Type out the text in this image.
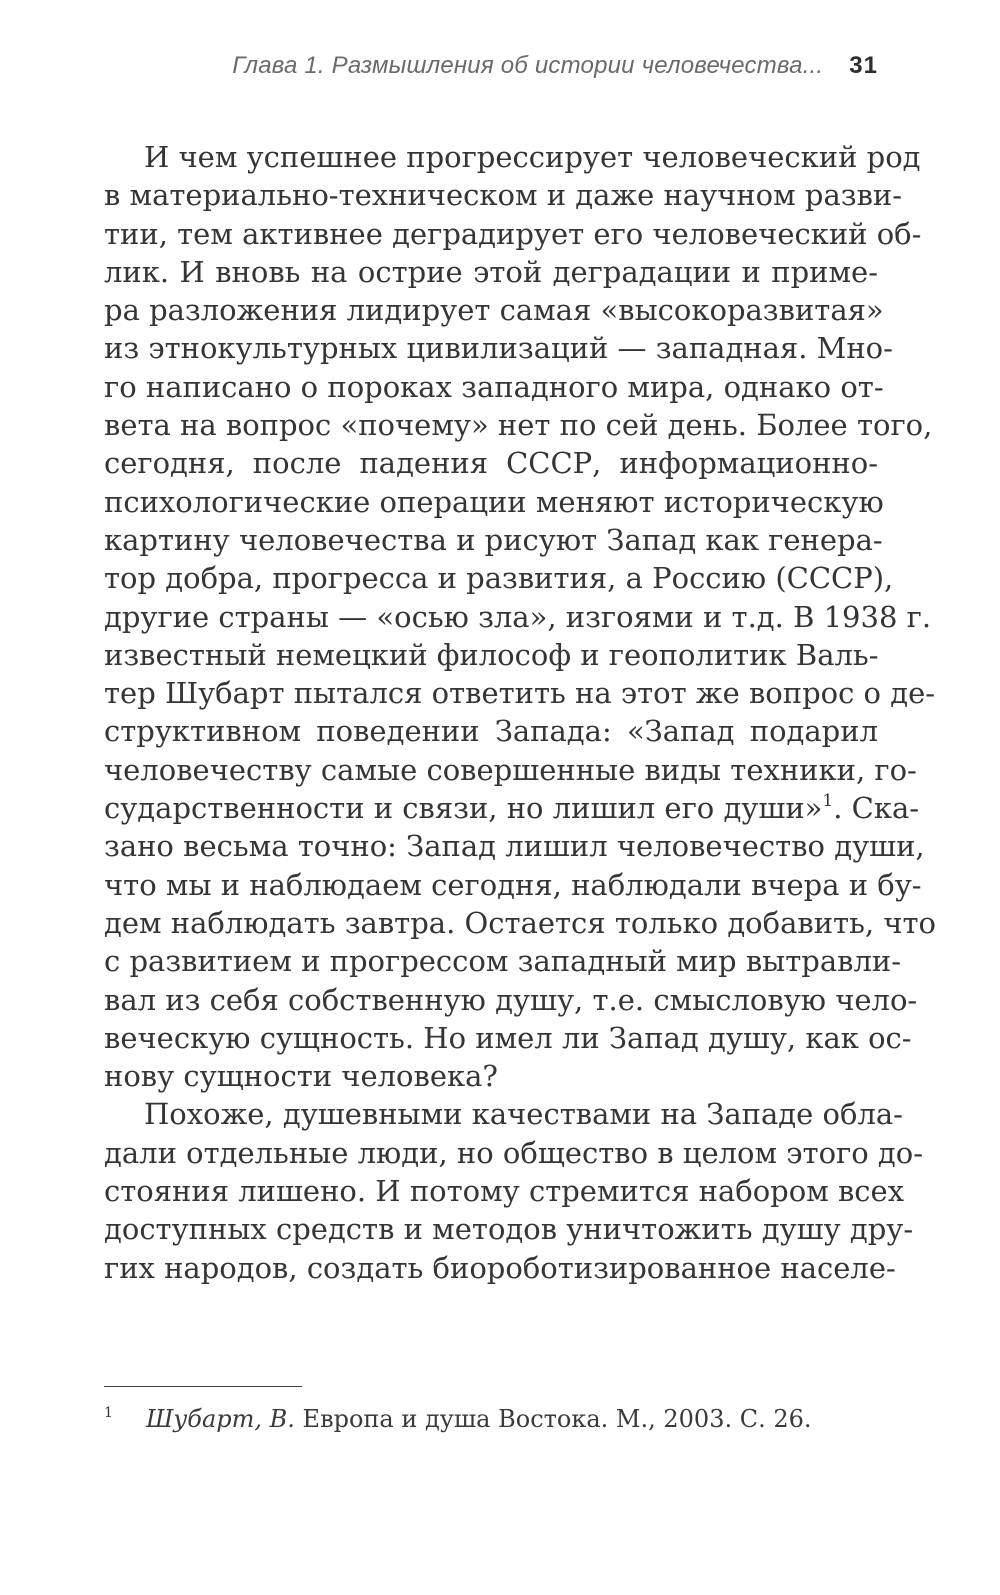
Глава 1. Размышления об истории человечества... 31
И чем успешнее прогрессирует человеческий род
в материально-техническом и даже научном разви-
тии, тем активнее деградирует его человеческий об-
лик. И вновь на острие этой деградации и приме-
ра разложения лидирует самая «высокоразвитая»
из этнокультурных цивилизаций — западная. Мно-
го написано о пороках западного мира, однако от-
вета на вопрос «почему» нет по сей день. Более того,
сегодня, после падения СССР, информационно-
психологические операции меняют историческую
картину человечества и рисуют Запад как генера-
тор добра, прогресса и развития, а Россию (СССР),
другие страны — «осью зла», изгоями и т.д. В 1938 г.
известный немецкий философ и геополитик Валь-
тер Шубарт пытался ответить на этот же вопрос о де-
структивном поведении Запада: «Запад подарил
человечеству самые совершенные виды техники, го-
сударственности и связи, но лишил его души»$^1$. Ска-
зано весьма точно: Запад лишил человечество души,
что мы и наблюдаем сегодня, наблюдали вчера и бу-
дем наблюдать завтра. Остается только добавить, что
с развитием и прогрессом западный мир вытравли-
вал из себя собственную душу, т.е. смысловую чело-
веческую сущность. Но имел ли Запад душу, как ос-
нову сущности человека?
Похоже, душевными качествами на Западе обла-
дали отдельные люди, но общество в целом этого до-
стояния лишено. И потому стремится набором всех
доступных средств и методов уничтожить душу дру-
гих народов, создать биороботизированное населе-
1 Шубарт, В. Европа и душа Востока. М., 2003. С. 26.
